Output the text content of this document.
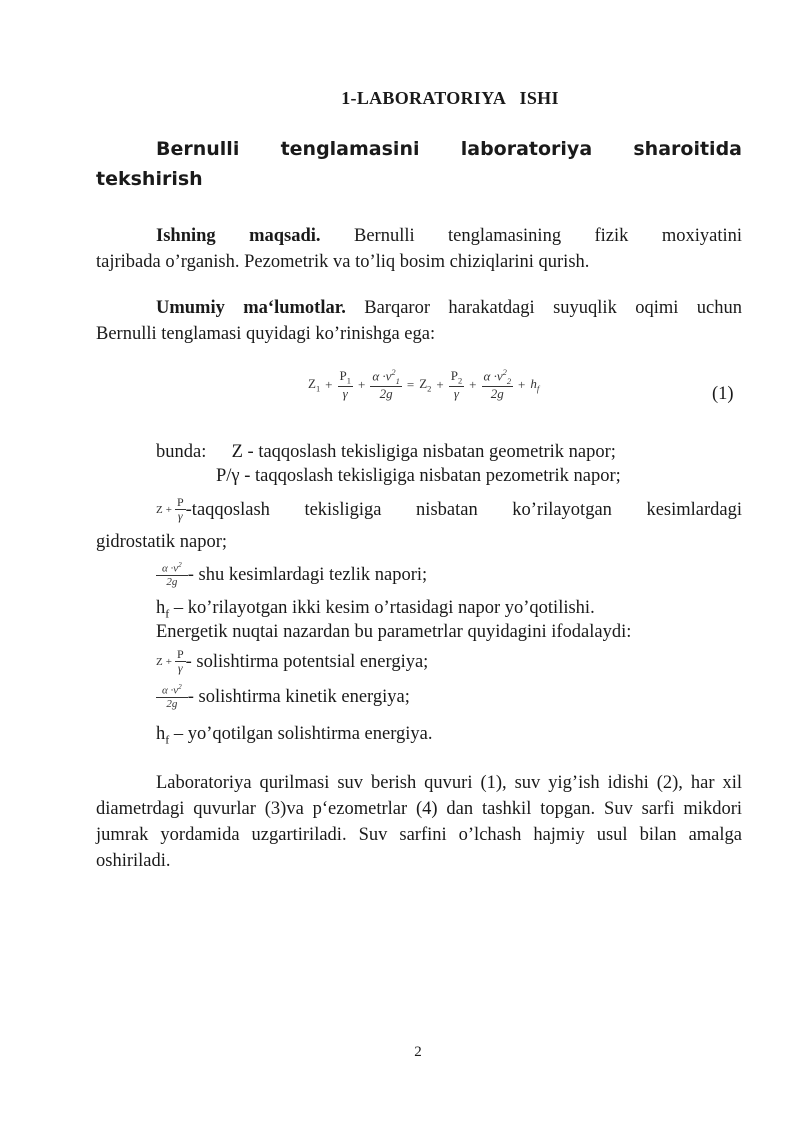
1-LABORATORIYA   ISHI
Bernulli tenglamasini laboratoriya sharoitida
tekshirish
Ishning maqsadi. Bernulli tenglamasining fizik moxiyatini
tajribada o’rganish. Pezometrik va to’liq bosim chiziqlarini qurish.
Umumiy ma‘lumotlar. Barqaror harakatdagi suyuqlik oqimi uchun
Bernulli tenglamasi quyidagi ko’rinishga ega:
$Z_1 + \frac{P_1}{\gamma} + \frac{\alpha \cdot v^2_1}{2g} = Z_2 + \frac{P_2}{\gamma} + \frac{\alpha \cdot v^2_2}{2g} + h_f$	(1)
bunda: Z - taqqoslash tekisligiga nisbatan geometrik napor;
P/γ - taqqoslash tekisligiga nisbatan pezometrik napor;
$Z + \frac{P}{\gamma}$ -taqqoslash tekisligiga nisbatan ko’rilayotgan kesimlardagi
gidrostatik napor;
$\frac{\alpha \cdot v^2}{2g}$ - shu kesimlardagi tezlik napori;
$h_f$ – ko’rilayotgan ikki kesim o’rtasidagi napor yo’qotilishi.
Energetik nuqtai nazardan bu parametrlar quyidagini ifodalaydi:
$Z + \frac{P}{\gamma}$ - solishtirma potentsial energiya;
$\frac{\alpha \cdot v^2}{2g}$ - solishtirma kinetik energiya;
$h_f$ – yo’qotilgan solishtirma energiya.
Laboratoriya qurilmasi suv berish quvuri (1), suv yig’ish idishi (2), har xil diametrdagi quvurlar (3)va p‘ezometrlar (4) dan tashkil topgan. Suv sarfi mikdori jumrak yordamida uzgartiriladi. Suv sarfini o’lchash hajmiy usul bilan amalga oshiriladi.
2
